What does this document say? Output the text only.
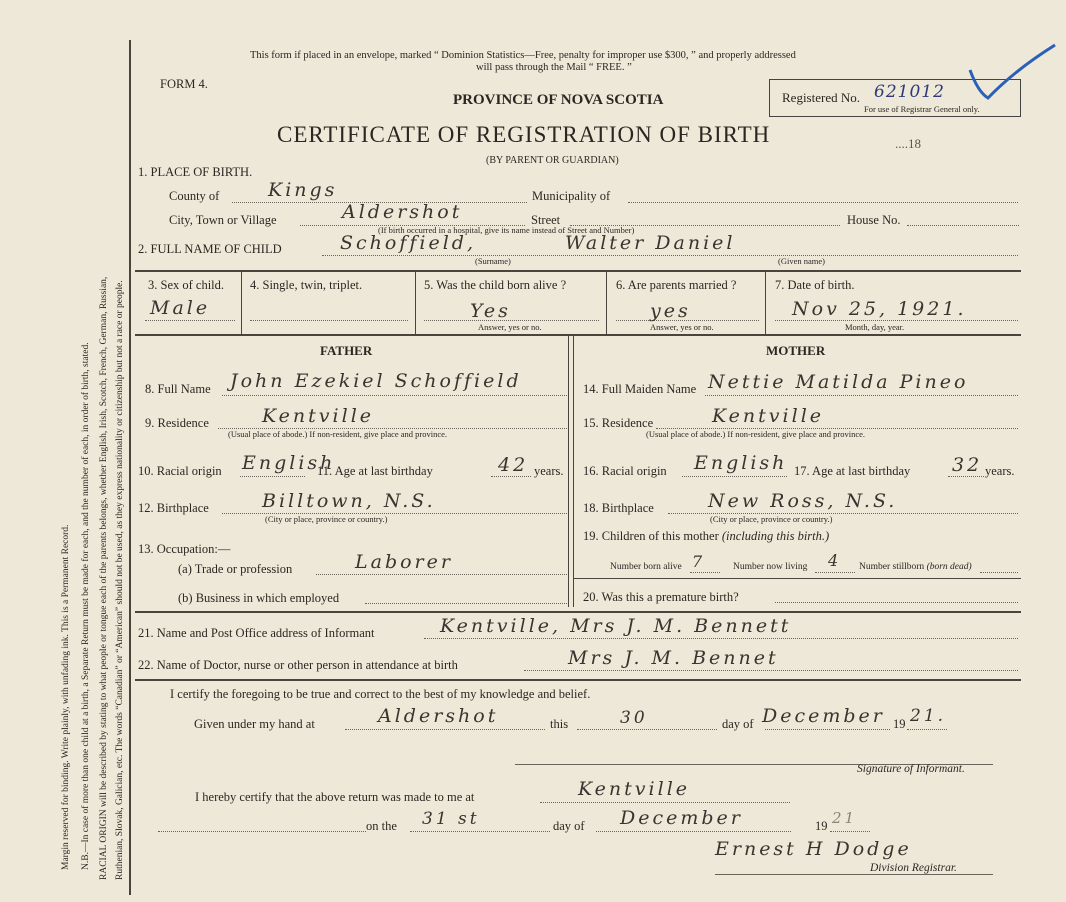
Margin reserved for binding. Write plainly, with unfading ink. This is a Permanent Record. N.B.—In case of more than one child at a birth, a Separate Return must be made for each, and the number of each, in order of birth, stated. RACIAL ORIGIN will be described by stating to what people or tongue each of the parents belongs, whether English, Irish, Scotch, French, German, Russian, Ruthenian, Slovak, Galician, etc. The words “Canadian” or “American” should not be used, as they express nationality or citizenship but not a race or people.
This form if placed in an envelope, marked “ Dominion Statistics—Free, penalty for improper use $300, ” and properly addressed
will pass through the Mail “ FREE. ”
FORM 4.
PROVINCE OF NOVA SCOTIA
CERTIFICATE OF REGISTRATION OF BIRTH
(BY PARENT OR GUARDIAN)
....18
Registered No. 621012
For use of Registrar General only.
1. PLACE OF BIRTH.
County of	Kings	Municipality of
City, Town or Village	Aldershot	Street
(If birth occurred in a hospital, give its name instead of Street and Number)
House No.
2. FULL NAME OF CHILD	Schoffield,	Walter Daniel
(Surname)	(Given name)
3. Sex of child.
Male
4. Single, twin, triplet.	5. Was the child born alive ?
Yes
Answer, yes or no.
6. Are parents married ?
yes
Answer, yes or no.
7. Date of birth.
Nov 25, 1921.
Month, day, year.
FATHER	MOTHER
8. Full Name John Ezekiel Schoffield
9. Residence	Kentville
(Usual place of abode.) If non-resident, give place and province.
10. Racial origin English
11. Age at last birthday	42 years.
12. Birthplace	Billtown, N.S.
(City or place, province or country.)
13. Occupation:—
(a) Trade or profession	Laborer
(b) Business in which employed
14. Full Maiden Name Nettie Matilda Pineo
15. Residence	Kentville
(Usual place of abode.) If non-resident, give place and province.
16. Racial origin English 17. Age at last birthday 32 years.
18. Birthplace	New Ross, N.S.
(City or place, province or country.)
19. Children of this mother (including this birth.)
Number born alive 7	Number now living 4 Number stillborn (born dead)
20. Was this a premature birth?
21. Name and Post Office address of Informant	Kentville, Mrs J. M. Bennett
22. Name of Doctor, nurse or other person in attendance at birth	Mrs J. M. Bennet
I certify the foregoing to be true and correct to the best of my knowledge and belief.
Given under my hand at	Aldershot	this	30	day of December 19 21.
Signature of Informant.
I hereby certify that the above return was made to me at	Kentville
on the 31 st	day of December	19 21
Ernest H Dodge
Division Registrar.
